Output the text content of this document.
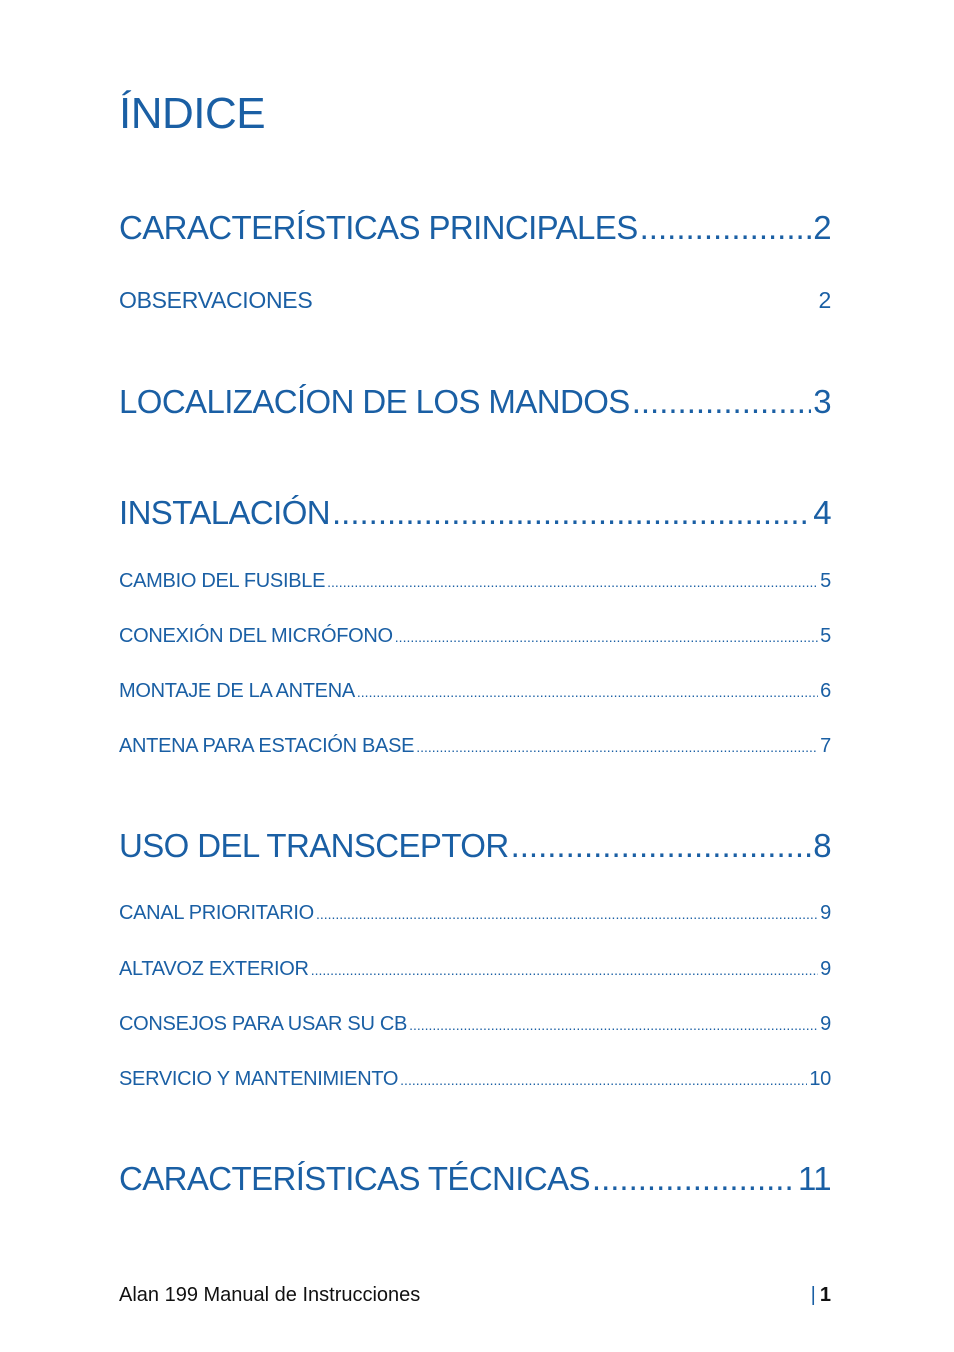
ÍNDICE
CARACTERÍSTICAS PRINCIPALES .....	2
OBSERVACIONES	2
LOCALIZACÍON DE LOS MANDOS .....	3
INSTALACIÓN .....	4
CAMBIO DEL FUSIBLE .....	5
CONEXIÓN DEL MICRÓFONO .....	5
MONTAJE DE LA ANTENA .....	6
ANTENA PARA ESTACIÓN BASE .....	7
USO DEL TRANSCEPTOR .....	8
CANAL PRIORITARIO .....	9
ALTAVOZ EXTERIOR .....	9
CONSEJOS PARA USAR SU CB .....	9
SERVICIO Y MANTENIMIENTO .....	10
CARACTERÍSTICAS TÉCNICAS .....	11
Alan 199 Manual de Instrucciones	| 1
